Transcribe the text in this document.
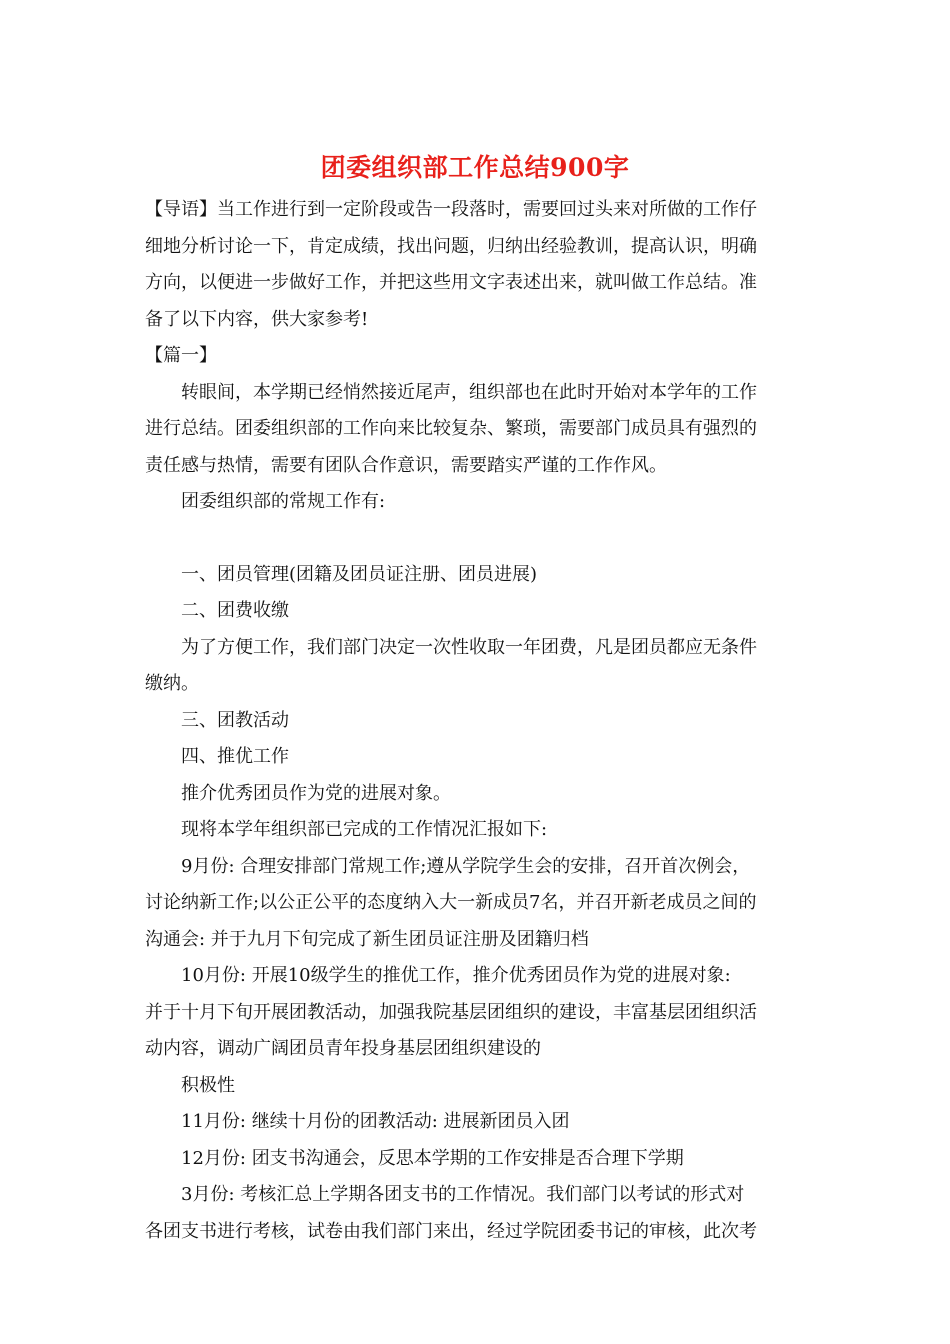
团委组织部工作总结900字

【导语】当工作进行到一定阶段或告一段落时，需要回过头来对所做的工作仔
细地分析讨论一下，肯定成绩，找出问题，归纳出经验教训，提高认识，明确
方向，以便进一步做好工作，并把这些用文字表述出来，就叫做工作总结。准
备了以下内容，供大家参考!

【篇一】

转眼间，本学期已经悄然接近尾声，组织部也在此时开始对本学年的工作
进行总结。团委组织部的工作向来比较复杂、繁琐，需要部门成员具有强烈的
责任感与热情，需要有团队合作意识，需要踏实严谨的工作作风。

团委组织部的常规工作有:

一、团员管理(团籍及团员证注册、团员进展)

二、团费收缴

为了方便工作，我们部门决定一次性收取一年团费，凡是团员都应无条件
缴纳。

三、团教活动

四、推优工作

推介优秀团员作为党的进展对象。

现将本学年组织部已完成的工作情况汇报如下:

9月份: 合理安排部门常规工作;遵从学院学生会的安排，召开首次例会，
讨论纳新工作;以公正公平的态度纳入大一新成员7名，并召开新老成员之间的
沟通会: 并于九月下旬完成了新生团员证注册及团籍归档

10月份: 开展10级学生的推优工作，推介优秀团员作为党的进展对象:
并于十月下旬开展团教活动，加强我院基层团组织的建设，丰富基层团组织活
动内容，调动广阔团员青年投身基层团组织建设的

积极性

11月份: 继续十月份的团教活动: 进展新团员入团

12月份: 团支书沟通会，反思本学期的工作安排是否合理下学期

3月份: 考核汇总上学期各团支书的工作情况。我们部门以考试的形式对
各团支书进行考核，试卷由我们部门来出，经过学院团委书记的审核，此次考
